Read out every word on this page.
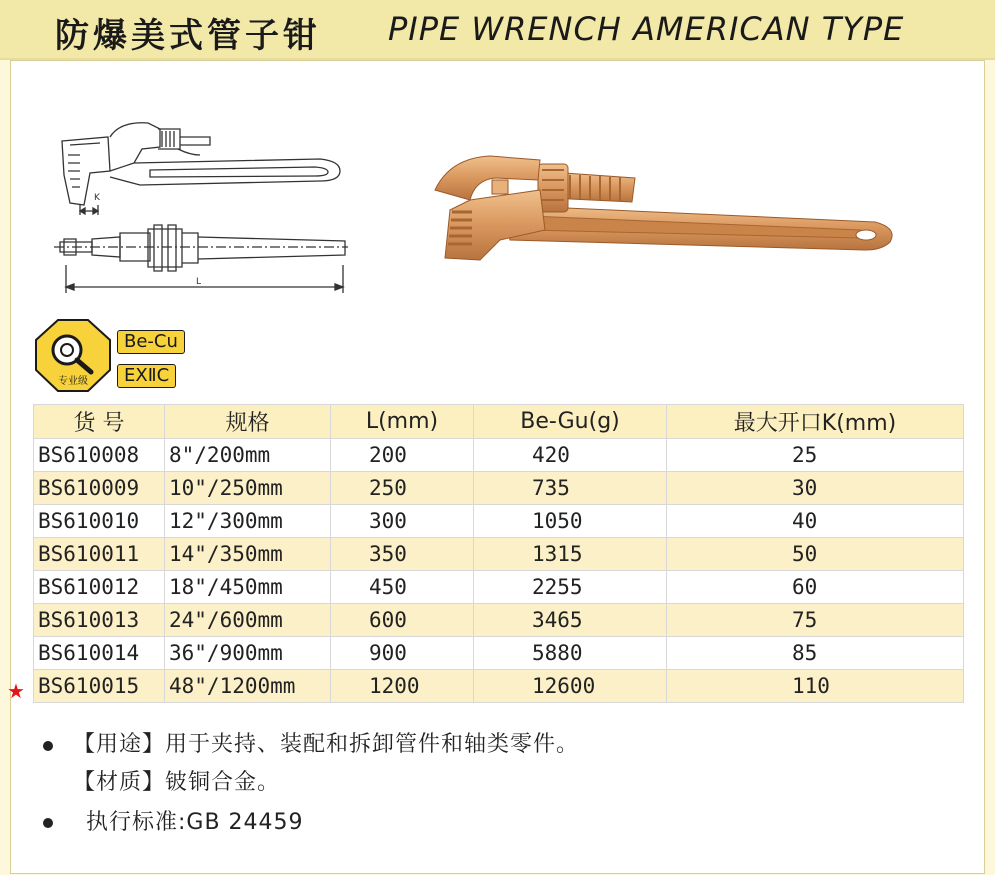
防爆美式管子钳 PIPE WRENCH AMERICAN TYPE
K
L
专业级
Be-Cu
EXⅡC
货 号	规格	L(mm)	Be-Gu(g)	最大开口K(mm)
BS610008	8"/200mm	200	420	25
BS610009	10"/250mm	250	735	30
BS610010	12"/300mm	300	1050	40
BS610011	14"/350mm	350	1315	50
BS610012	18"/450mm	450	2255	60
BS610013	24"/600mm	600	3465	75
BS610014	36"/900mm	900	5880	85
BS610015	48"/1200mm	1200	12600	110
★
【用途】用于夹持、装配和拆卸管件和轴类零件。
【材质】铍铜合金。
执行标准:GB 24459
